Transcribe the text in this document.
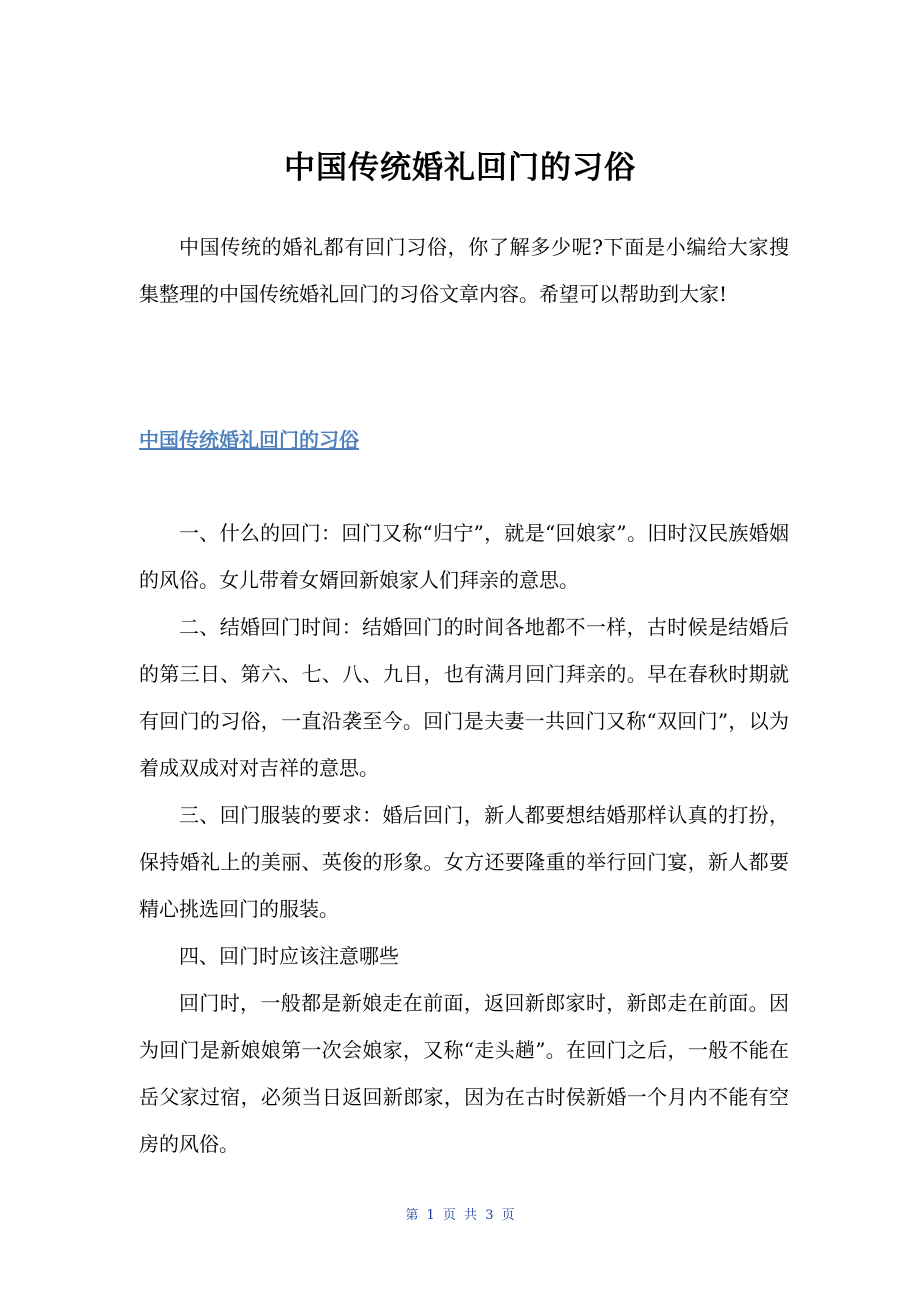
中国传统婚礼回门的习俗

中国传统的婚礼都有回门习俗，你了解多少呢?下面是小编给大家搜集整理的中国传统婚礼回门的习俗文章内容。希望可以帮助到大家!

中国传统婚礼回门的习俗

一、什么的回门：回门又称“归宁”，就是“回娘家”。旧时汉民族婚姻的风俗。女儿带着女婿回新娘家人们拜亲的意思。

二、结婚回门时间：结婚回门的时间各地都不一样，古时候是结婚后的第三日、第六、七、八、九日，也有满月回门拜亲的。早在春秋时期就有回门的习俗，一直沿袭至今。回门是夫妻一共回门又称“双回门”，以为着成双成对对吉祥的意思。

三、回门服装的要求：婚后回门，新人都要想结婚那样认真的打扮，保持婚礼上的美丽、英俊的形象。女方还要隆重的举行回门宴，新人都要精心挑选回门的服装。

四、回门时应该注意哪些

回门时，一般都是新娘走在前面，返回新郎家时，新郎走在前面。因为回门是新娘娘第一次会娘家，又称“走头趟”。在回门之后，一般不能在岳父家过宿，必须当日返回新郎家，因为在古时侯新婚一个月内不能有空房的风俗。

第 1 页 共 3 页
